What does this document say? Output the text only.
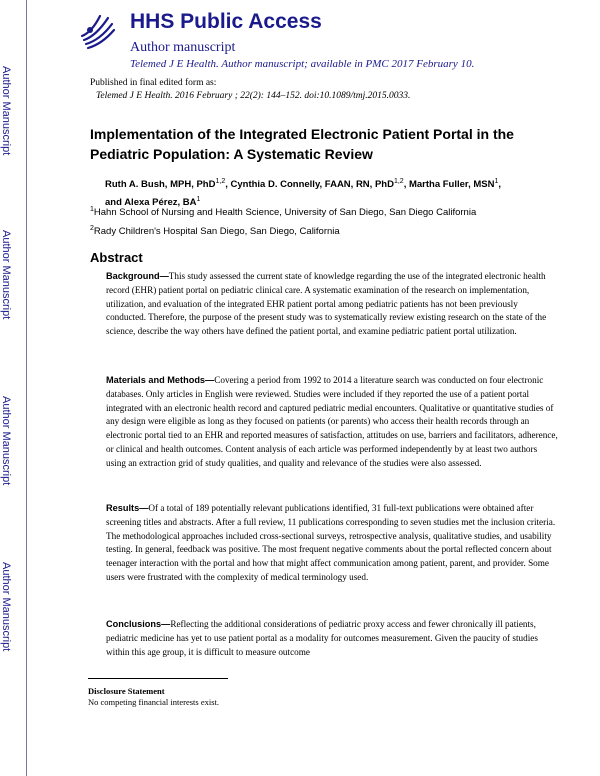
Author Manuscript
Author Manuscript
Author Manuscript
Author Manuscript
HHS Public Access
Author manuscript
Telemed J E Health. Author manuscript; available in PMC 2017 February 10.
Published in final edited form as:
Telemed J E Health. 2016 February ; 22(2): 144–152. doi:10.1089/tmj.2015.0033.
Implementation of the Integrated Electronic Patient Portal in the Pediatric Population: A Systematic Review
Ruth A. Bush, MPH, PhD$^{1,2}$, Cynthia D. Connelly, FAAN, RN, PhD$^{1,2}$, Martha Fuller, MSN$^1$,
and Alexa Pérez, $BA^1$
$^1$Hahn School of Nursing and Health Science, University of San Diego, San Diego California
$^2$Rady Children's Hospital San Diego, San Diego, California
Abstract

Background—This study assessed the current state of knowledge regarding the use of the integrated electronic health record (EHR) patient portal on pediatric clinical care. A systematic examination of the research on implementation, utilization, and evaluation of the integrated EHR patient portal among pediatric patients has not been previously conducted. Therefore, the purpose of the present study was to systematically review existing research on the state of the science, describe the way others have defined the patient portal, and examine pediatric patient portal utilization.

Materials and Methods—Covering a period from 1992 to 2014 a literature search was conducted on four electronic databases. Only articles in English were reviewed. Studies were included if they reported the use of a patient portal integrated with an electronic health record and captured pediatric medial encounters. Qualitative or quantitative studies of any design were eligible as long as they focused on patients (or parents) who access their health records through an electronic portal tied to an EHR and reported measures of satisfaction, attitudes on use, barriers and facilitators, adherence, or clinical and health outcomes. Content analysis of each article was performed independently by at least two authors using an extraction grid of study qualities, and quality and relevance of the studies were also assessed.

Results—Of a total of 189 potentially relevant publications identified, 31 full-text publications were obtained after screening titles and abstracts. After a full review, 11 publications corresponding to seven studies met the inclusion criteria. The methodological approaches included cross-sectional surveys, retrospective analysis, qualitative studies, and usability testing. In general, feedback was positive. The most frequent negative comments about the portal reflected concern about teenager interaction with the portal and how that might affect communication among patient, parent, and provider. Some users were frustrated with the complexity of medical terminology used.

Conclusions—Reflecting the additional considerations of pediatric proxy access and fewer chronically ill patients, pediatric medicine has yet to use patient portal as a modality for outcomes measurement. Given the paucity of studies within this age group, it is difficult to measure outcome

Disclosure Statement
No competing financial interests exist.
